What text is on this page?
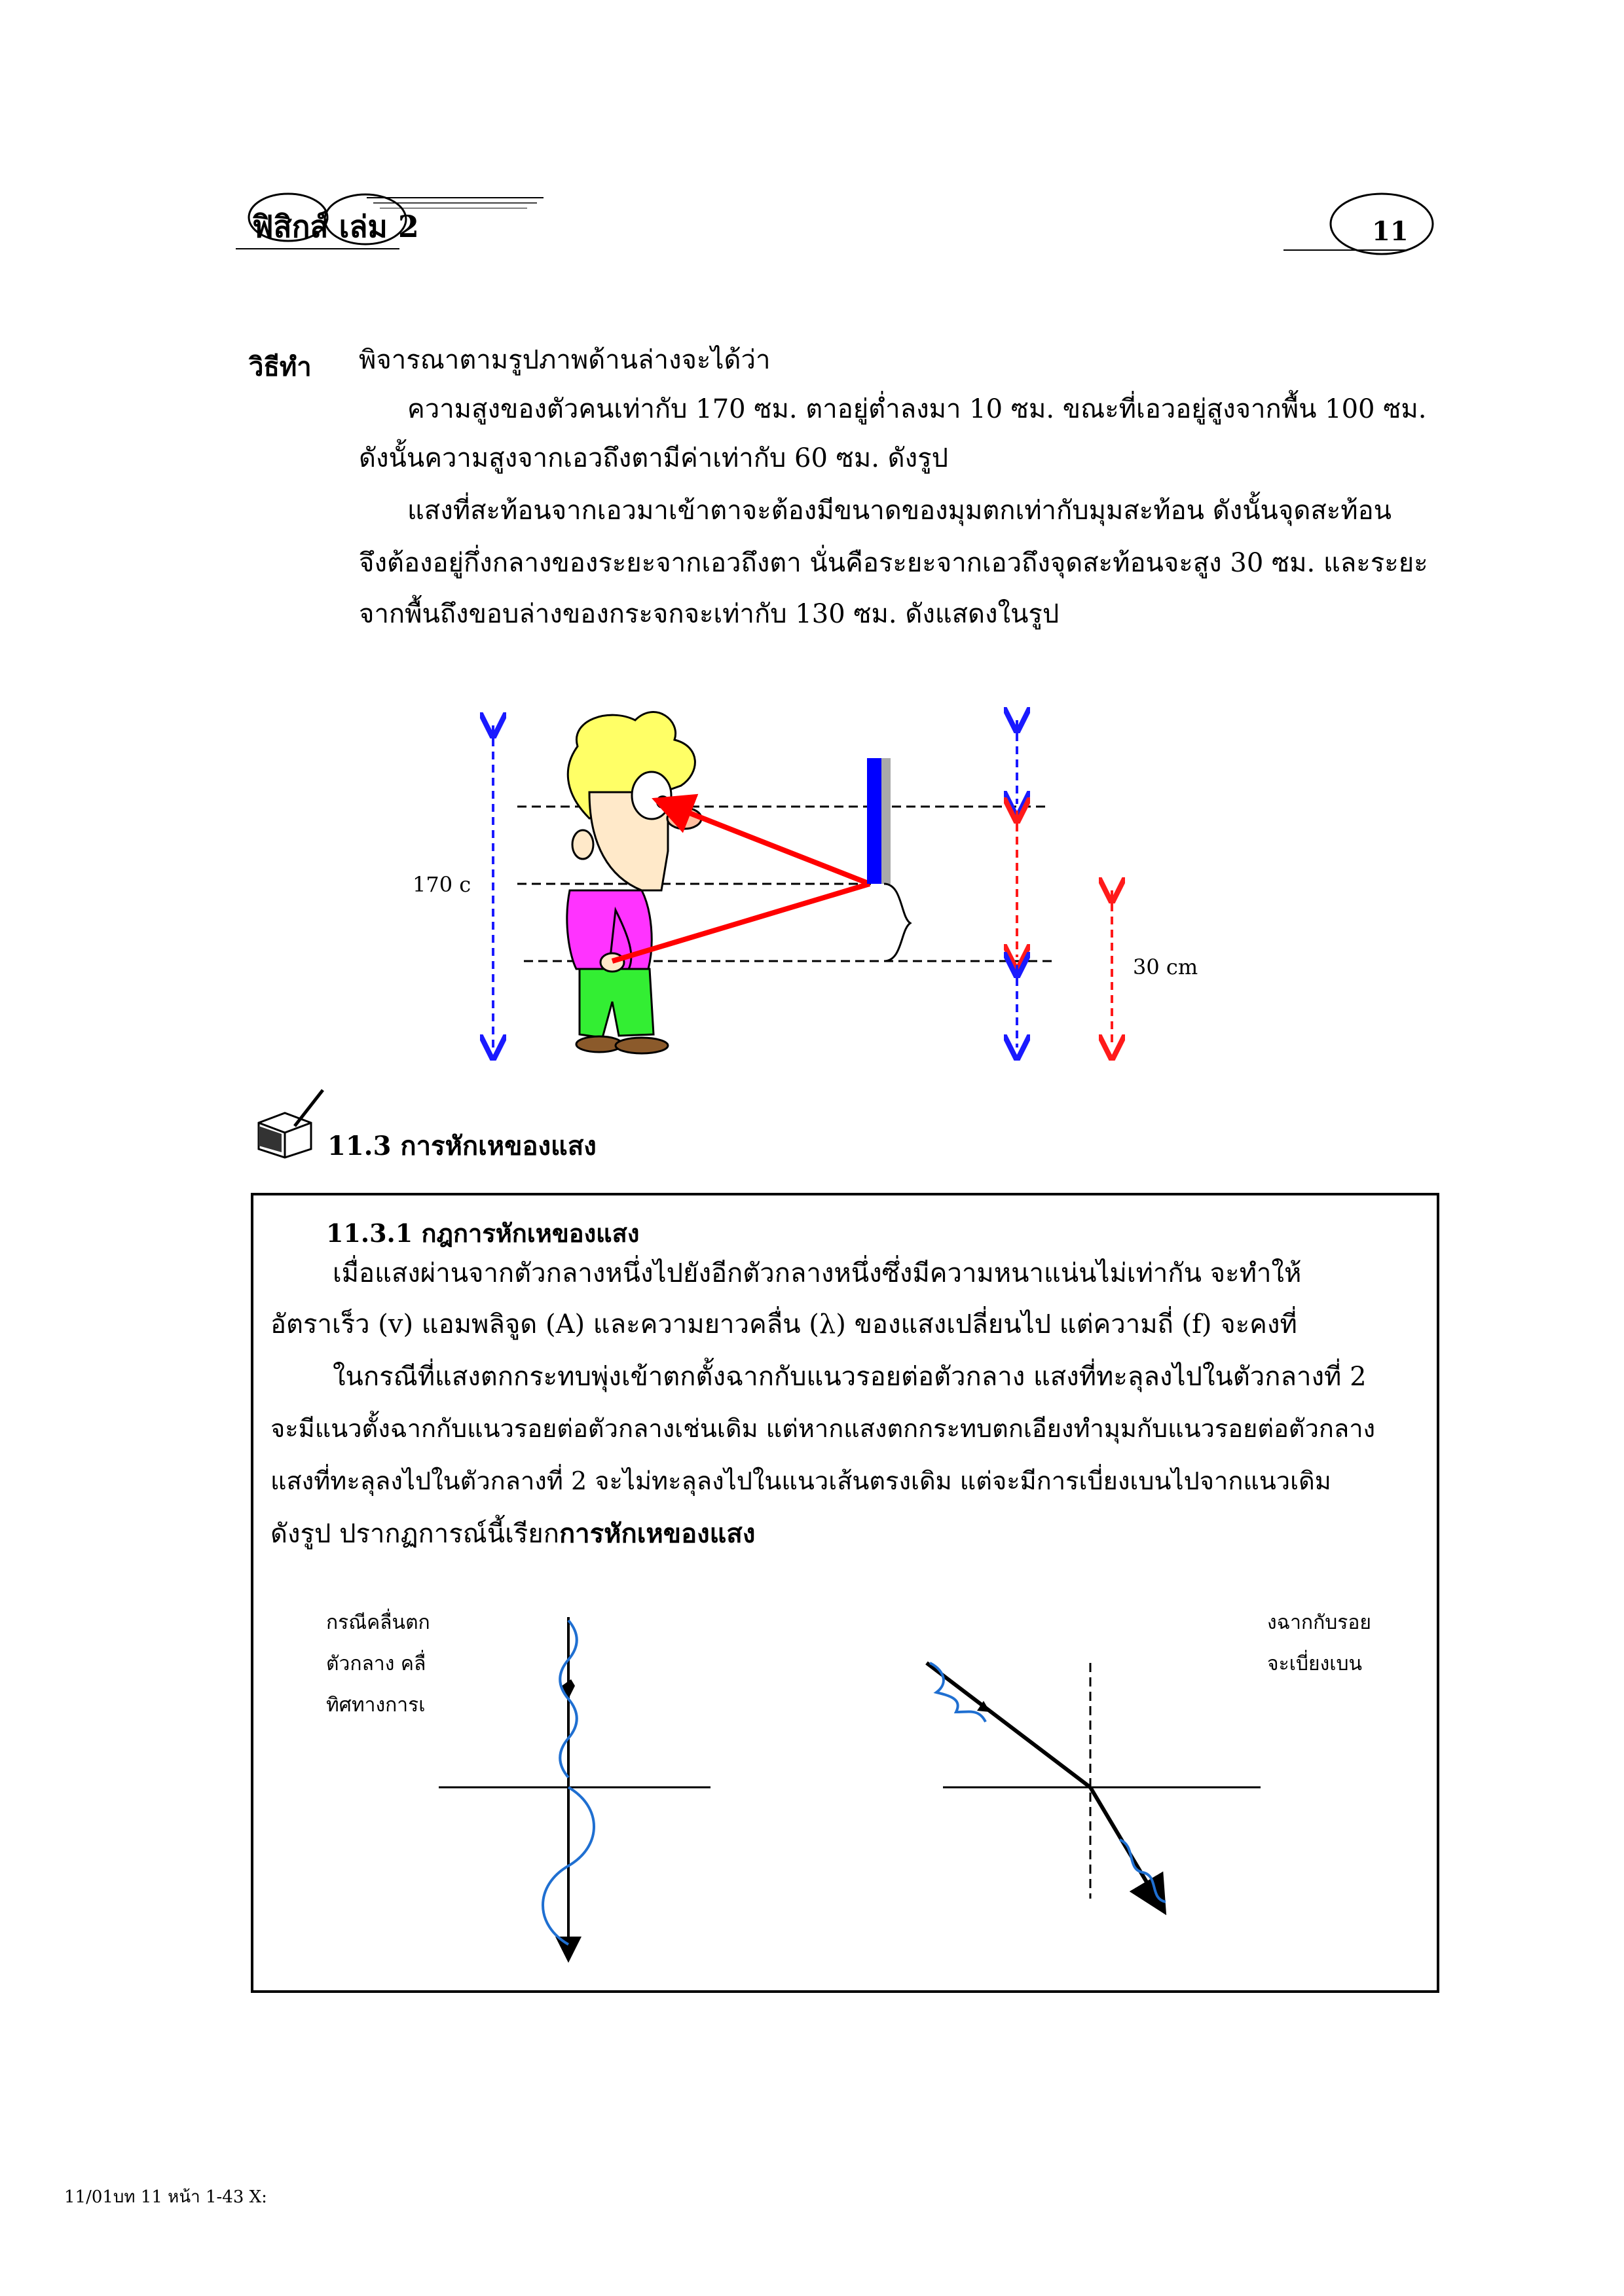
ฟิสิกส์ เล่ม 2	11
วิธีทำ พิจารณาตามรูปภาพด้านล่างจะได้ว่า
ความสูงของตัวคนเท่ากับ 170 ซม. ตาอยู่ต่ำลงมา 10 ซม. ขณะที่เอวอยู่สูงจากพื้น 100 ซม.
ดังนั้นความสูงจากเอวถึงตามีค่าเท่ากับ 60 ซม. ดังรูป
แสงที่สะท้อนจากเอวมาเข้าตาจะต้องมีขนาดของมุมตกเท่ากับมุมสะท้อน ดังนั้นจุดสะท้อน
จึงต้องอยู่กึ่งกลางของระยะจากเอวถึงตา นั่นคือระยะจากเอวถึงจุดสะท้อนจะสูง 30 ซม. และระยะ
จากพื้นถึงขอบล่างของกระจกจะเท่ากับ 130 ซม. ดังแสดงในรูป
170 c
30 cm
11.3 การหักเหของแสง
11.3.1 กฎการหักเหของแสง
เมื่อแสงผ่านจากตัวกลางหนึ่งไปยังอีกตัวกลางหนึ่งซึ่งมีความหนาแน่นไม่เท่ากัน จะทำให้
อัตราเร็ว (v) แอมพลิจูด (A) และความยาวคลื่น (λ) ของแสงเปลี่ยนไป แต่ความถี่ (f) จะคงที่
ในกรณีที่แสงตกกระทบพุ่งเข้าตกตั้งฉากกับแนวรอยต่อตัวกลาง แสงที่ทะลุลงไปในตัวกลางที่ 2
จะมีแนวตั้งฉากกับแนวรอยต่อตัวกลางเช่นเดิม แต่หากแสงตกกระทบตกเอียงทำมุมกับแนวรอยต่อตัวกลาง
แสงที่ทะลุลงไปในตัวกลางที่ 2 จะไม่ทะลุลงไปในแนวเส้นตรงเดิม แต่จะมีการเบี่ยงเบนไปจากแนวเดิม
ดังรูป ปรากฏการณ์นี้เรียกการหักเหของแสง
กรณีคลื่นตก
ตัวกลาง คลื่
ทิศทางการเ
งฉากกับรอย
จะเบี่ยงเบน
11/01บท 11 หน้า 1-43 X:
